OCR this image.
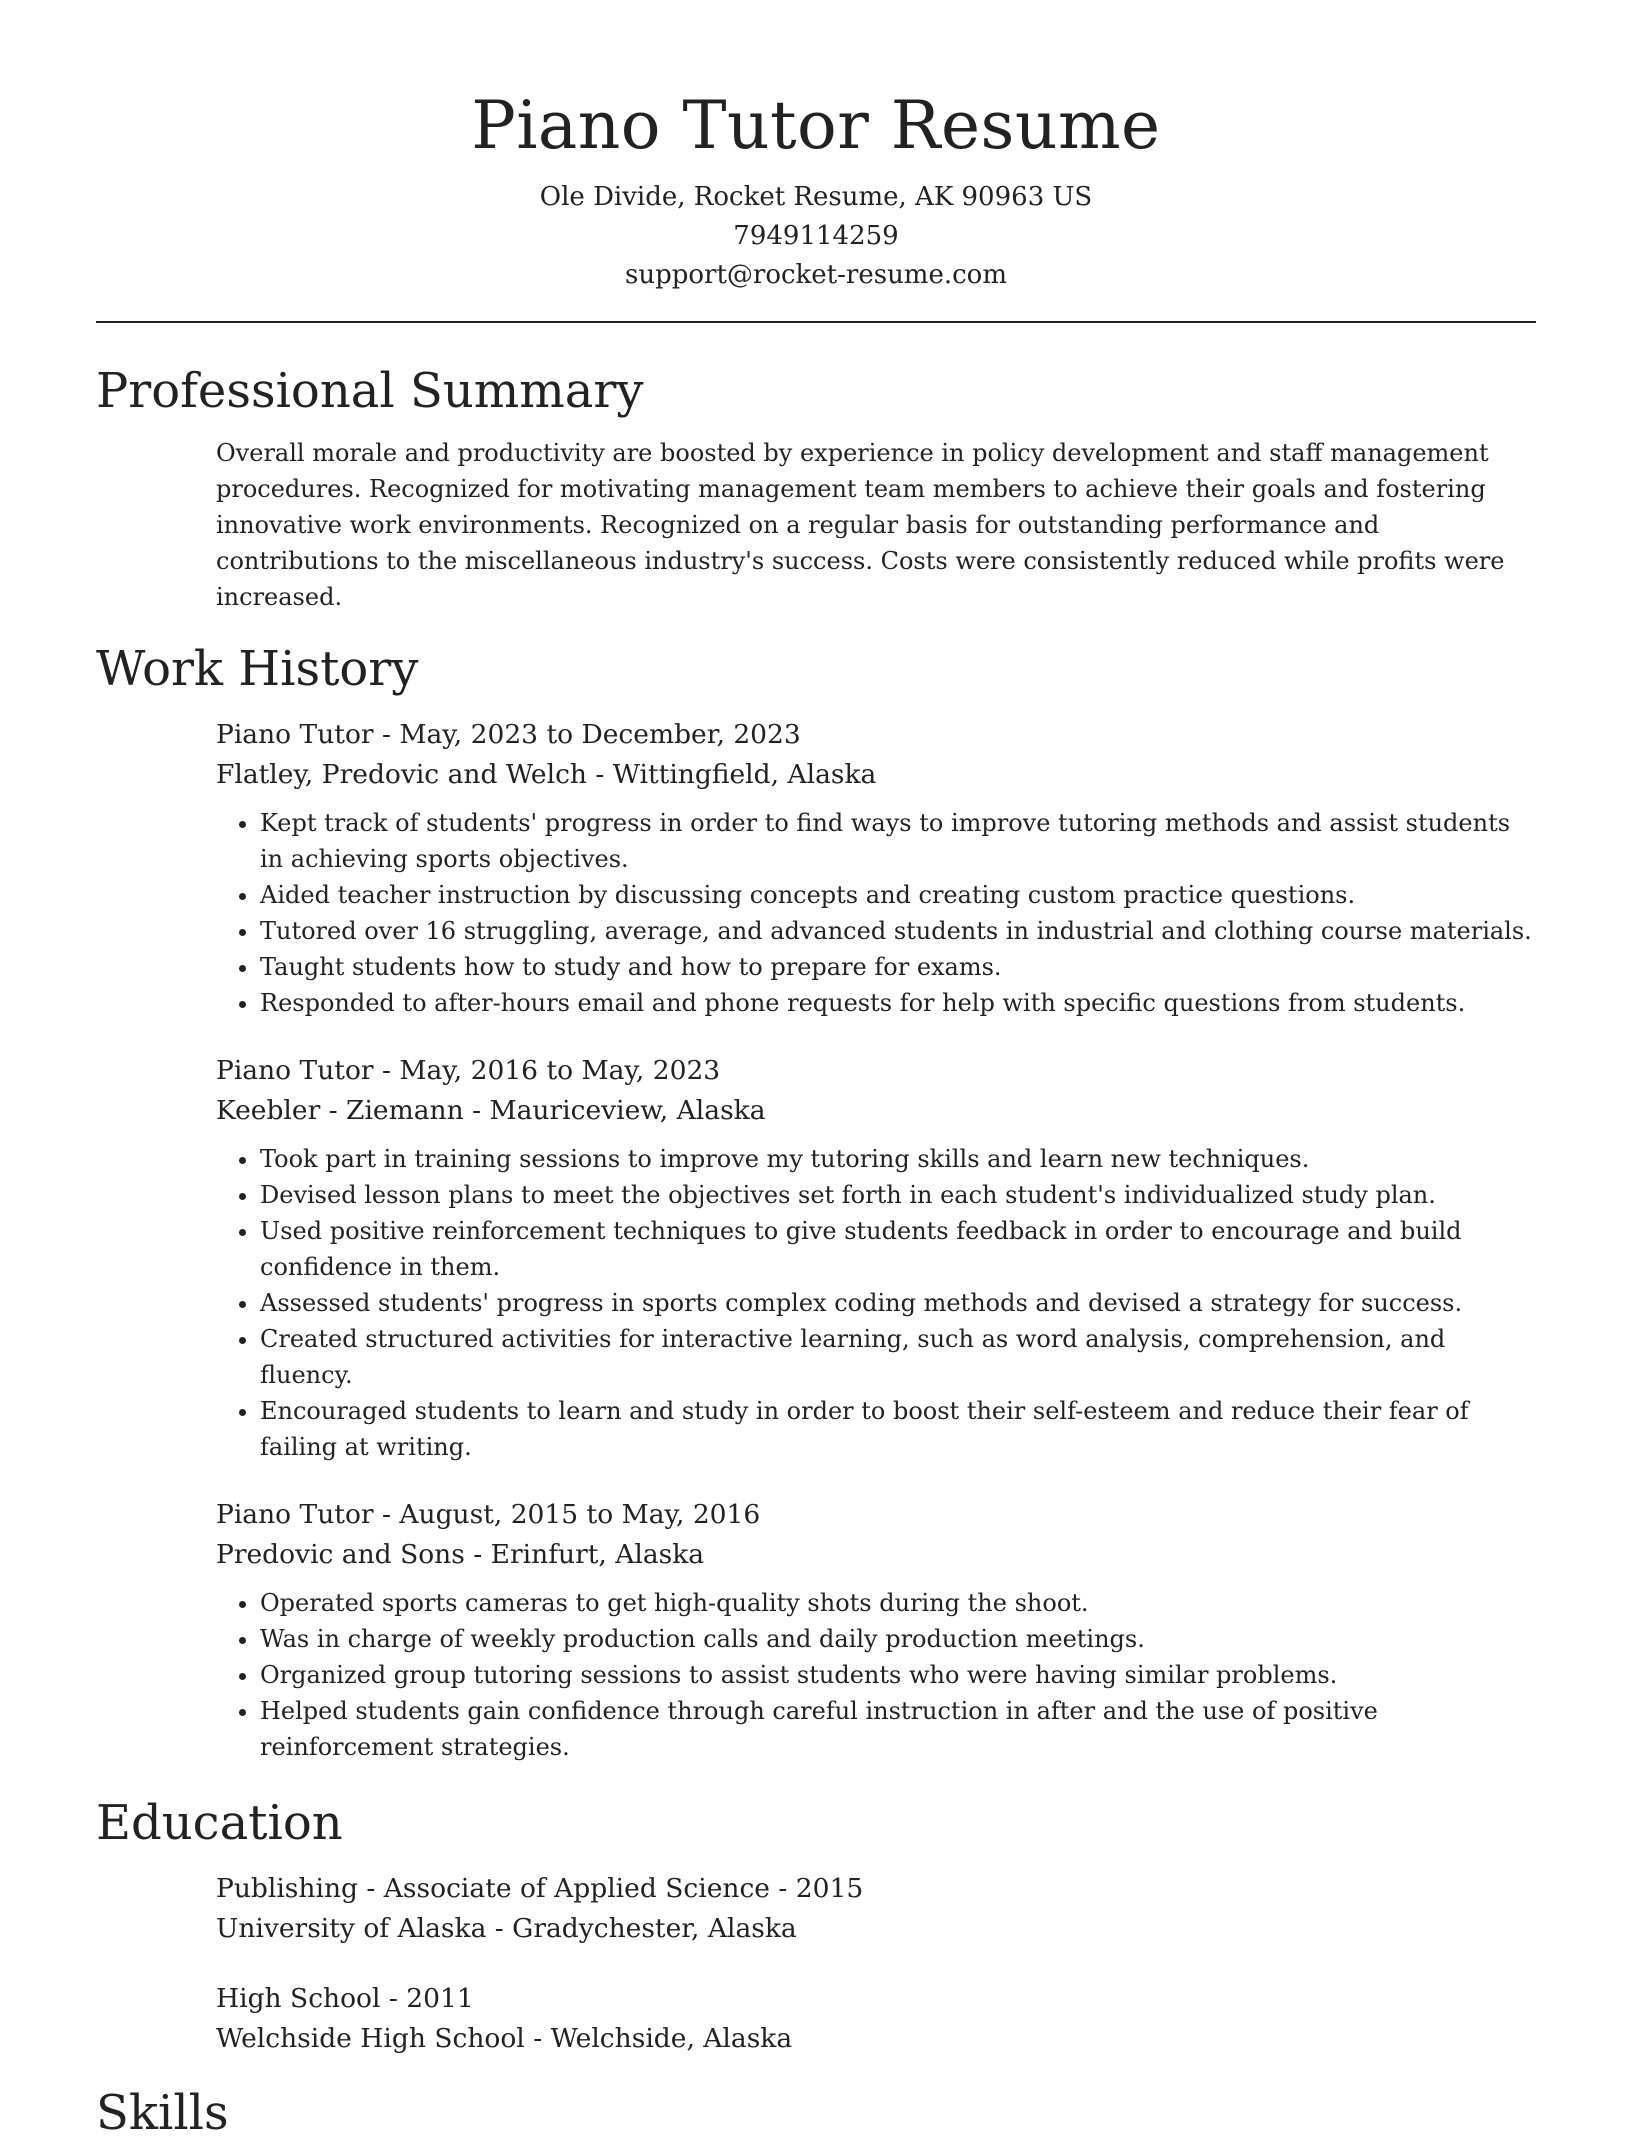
Piano Tutor Resume
Ole Divide, Rocket Resume, AK 90963 US
7949114259
support@rocket-resume.com
Professional Summary
Overall morale and productivity are boosted by experience in policy development and staff management procedures. Recognized for motivating management team members to achieve their goals and fostering innovative work environments. Recognized on a regular basis for outstanding performance and contributions to the miscellaneous industry's success. Costs were consistently reduced while profits were increased.
Work History
Piano Tutor - May, 2023 to December, 2023
Flatley, Predovic and Welch - Wittingfield, Alaska
• Kept track of students' progress in order to find ways to improve tutoring methods and assist students in achieving sports objectives.
• Aided teacher instruction by discussing concepts and creating custom practice questions.
• Tutored over 16 struggling, average, and advanced students in industrial and clothing course materials.
• Taught students how to study and how to prepare for exams.
• Responded to after-hours email and phone requests for help with specific questions from students.
Piano Tutor - May, 2016 to May, 2023
Keebler - Ziemann - Mauriceview, Alaska
• Took part in training sessions to improve my tutoring skills and learn new techniques.
• Devised lesson plans to meet the objectives set forth in each student's individualized study plan.
• Used positive reinforcement techniques to give students feedback in order to encourage and build confidence in them.
• Assessed students' progress in sports complex coding methods and devised a strategy for success.
• Created structured activities for interactive learning, such as word analysis, comprehension, and fluency.
• Encouraged students to learn and study in order to boost their self-esteem and reduce their fear of failing at writing.
Piano Tutor - August, 2015 to May, 2016
Predovic and Sons - Erinfurt, Alaska
• Operated sports cameras to get high-quality shots during the shoot.
• Was in charge of weekly production calls and daily production meetings.
• Organized group tutoring sessions to assist students who were having similar problems.
• Helped students gain confidence through careful instruction in after and the use of positive reinforcement strategies.
Education
Publishing - Associate of Applied Science - 2015
University of Alaska - Gradychester, Alaska
High School - 2011
Welchside High School - Welchside, Alaska
Skills
